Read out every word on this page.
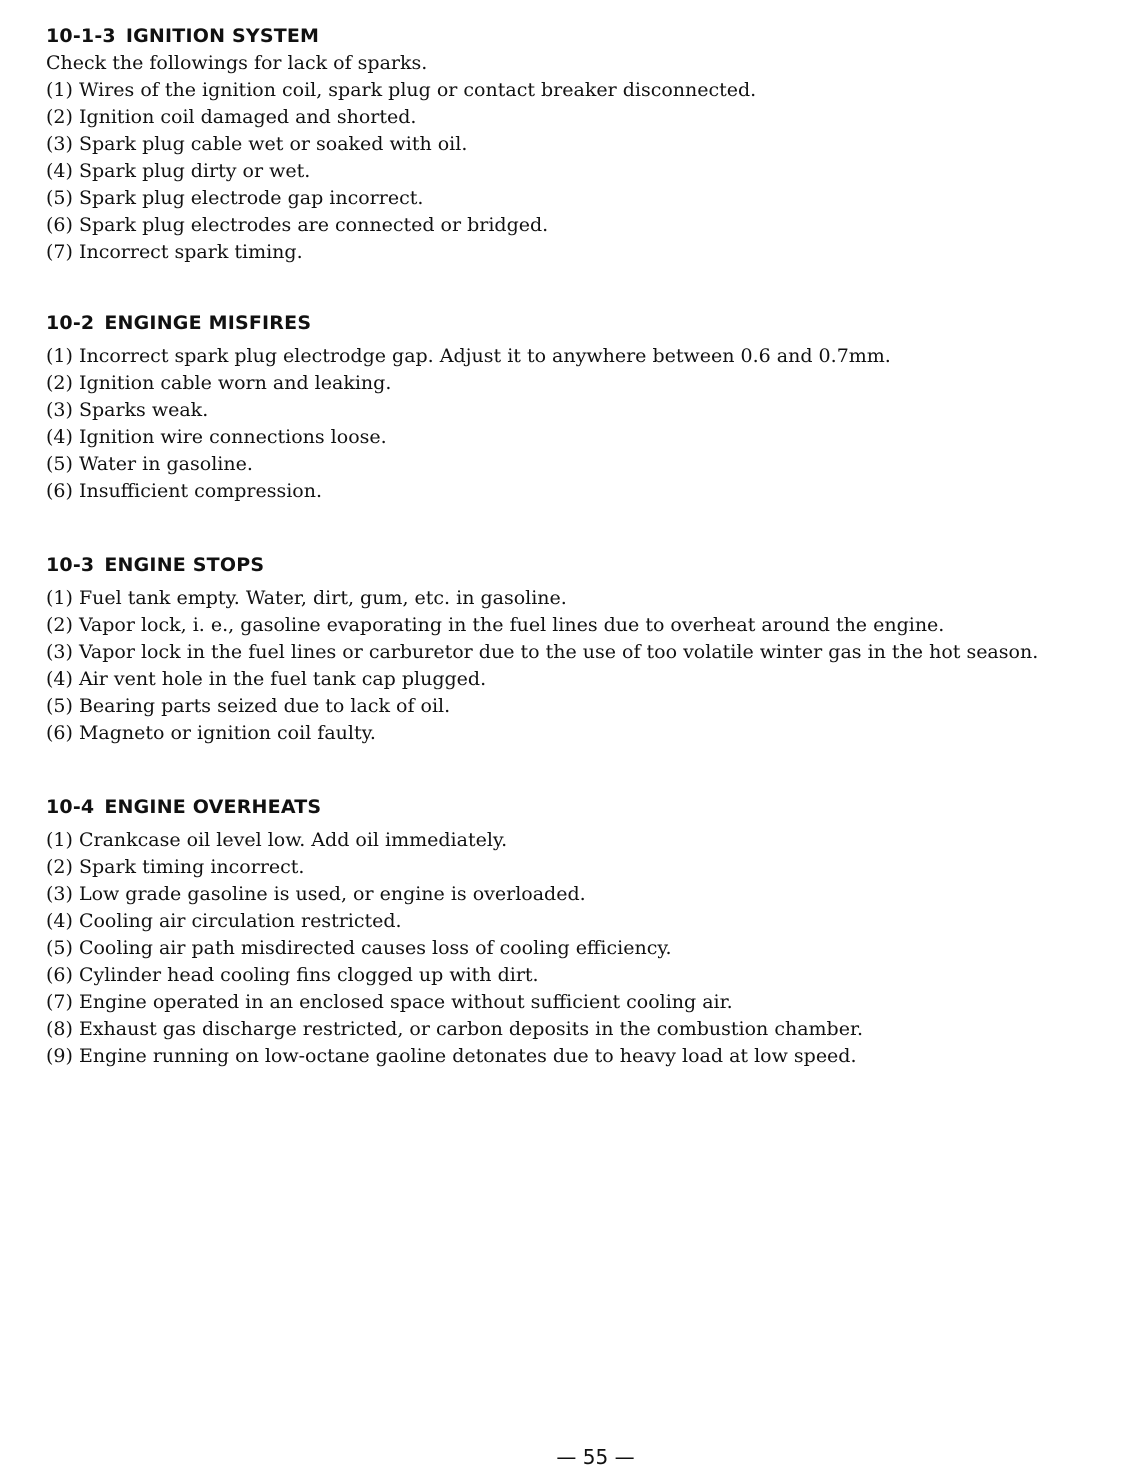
10-1-3 IGNITION SYSTEM
Check the followings for lack of sparks.
(1) Wires of the ignition coil, spark plug or contact breaker disconnected.
(2) Ignition coil damaged and shorted.
(3) Spark plug cable wet or soaked with oil.
(4) Spark plug dirty or wet.
(5) Spark plug electrode gap incorrect.
(6) Spark plug electrodes are connected or bridged.
(7) Incorrect spark timing.
10-2 ENGINGE MISFIRES
(1) Incorrect spark plug electrodge gap. Adjust it to anywhere between 0.6 and 0.7mm.
(2) Ignition cable worn and leaking.
(3) Sparks weak.
(4) Ignition wire connections loose.
(5) Water in gasoline.
(6) Insufficient compression.
10-3 ENGINE STOPS
(1) Fuel tank empty. Water, dirt, gum, etc. in gasoline.
(2) Vapor lock, i. e., gasoline evaporating in the fuel lines due to overheat around the engine.
(3) Vapor lock in the fuel lines or carburetor due to the use of too volatile winter gas in the hot season.
(4) Air vent hole in the fuel tank cap plugged.
(5) Bearing parts seized due to lack of oil.
(6) Magneto or ignition coil faulty.
10-4 ENGINE OVERHEATS
(1) Crankcase oil level low. Add oil immediately.
(2) Spark timing incorrect.
(3) Low grade gasoline is used, or engine is overloaded.
(4) Cooling air circulation restricted.
(5) Cooling air path misdirected causes loss of cooling efficiency.
(6) Cylinder head cooling fins clogged up with dirt.
(7) Engine operated in an enclosed space without sufficient cooling air.
(8) Exhaust gas discharge restricted, or carbon deposits in the combustion chamber.
(9) Engine running on low-octane gaoline detonates due to heavy load at low speed.
— 55 —
